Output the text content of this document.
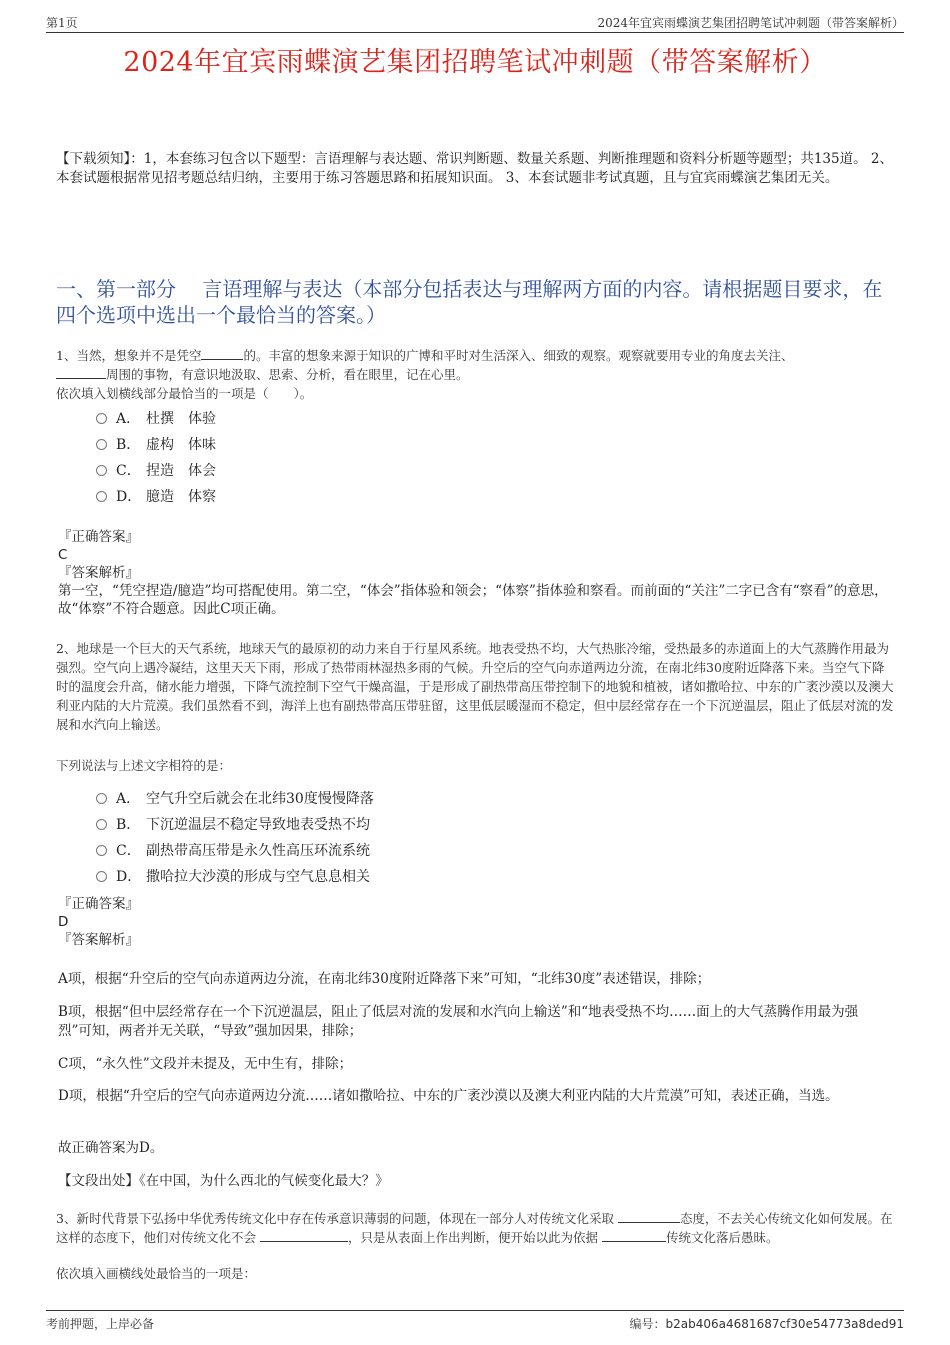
第1页	2024年宜宾雨蝶演艺集团招聘笔试冲刺题（带答案解析）
2024年宜宾雨蝶演艺集团招聘笔试冲刺题（带答案解析）
【下载须知】：1，本套练习包含以下题型：言语理解与表达题、常识判断题、数量关系题、判断推理题和资料分析题等题型；共135道。 2、本套试题根据常见招考题总结归纳，主要用于练习答题思路和拓展知识面。 3、本套试题非考试真题，且与宜宾雨蝶演艺集团无关。
一、第一部分　 言语理解与表达（本部分包括表达与理解两方面的内容。请根据题目要求，在四个选项中选出一个最恰当的答案。）
1、当然，想象并不是凭空	的。丰富的想象来源于知识的广博和平时对生活深入、细致的观察。观察就要用专业的角度去关注、
周围的事物，有意识地汲取、思索、分析，看在眼里，记在心里。
依次填入划横线部分最恰当的一项是（　　）。
A． 杜撰　体验
B． 虚构　体味
C． 捏造　体会
D． 臆造　体察
『正确答案』
C
『答案解析』
第一空，“凭空捏造/臆造”均可搭配使用。第二空，“体会”指体验和领会；“体察”指体验和察看。而前面的“关注”二字已含有“察看”的意思，故“体察”不符合题意。因此C项正确。
2、地球是一个巨大的天气系统，地球天气的最原初的动力来自于行星风系统。地表受热不均，大气热胀冷缩，受热最多的赤道面上的大气蒸腾作用最为强烈。空气向上遇冷凝结，这里天天下雨，形成了热带雨林湿热多雨的气候。升空后的空气向赤道两边分流，在南北纬30度附近降落下来。当空气下降时的温度会升高，储水能力增强，下降气流控制下空气干燥高温，于是形成了副热带高压带控制下的地貌和植被，诸如撒哈拉、中东的广袤沙漠以及澳大利亚内陆的大片荒漠。我们虽然看不到，海洋上也有副热带高压带驻留，这里低层暖湿而不稳定，但中层经常存在一个下沉逆温层，阻止了低层对流的发展和水汽向上输送。
下列说法与上述文字相符的是：
A． 空气升空后就会在北纬30度慢慢降落
B． 下沉逆温层不稳定导致地表受热不均
C． 副热带高压带是永久性高压环流系统
D． 撒哈拉大沙漠的形成与空气息息相关
『正确答案』
D
『答案解析』
A项，根据“升空后的空气向赤道两边分流，在南北纬30度附近降落下来”可知，“北纬30度”表述错误，排除；
B项，根据“但中层经常存在一个下沉逆温层，阻止了低层对流的发展和水汽向上输送”和“地表受热不均……面上的大气蒸腾作用最为强烈”可知，两者并无关联，“导致”强加因果，排除；
C项，“永久性”文段并未提及，无中生有，排除；
D项，根据“升空后的空气向赤道两边分流……诸如撒哈拉、中东的广袤沙漠以及澳大利亚内陆的大片荒漠”可知，表述正确，当选。
故正确答案为D。
【文段出处】《在中国，为什么西北的气候变化最大？》
3、新时代背景下弘扬中华优秀传统文化中存在传承意识薄弱的问题，体现在一部分人对传统文化采取	态度，不去关心传统文化如何发展。在这样的态度下，他们对传统文化不会	，只是从表面上作出判断，便开始以此为依据	传统文化落后愚昧。
依次填入画横线处最恰当的一项是：
考前押题，上岸必备	编号：b2ab406a4681687cf30e54773a8ded91
